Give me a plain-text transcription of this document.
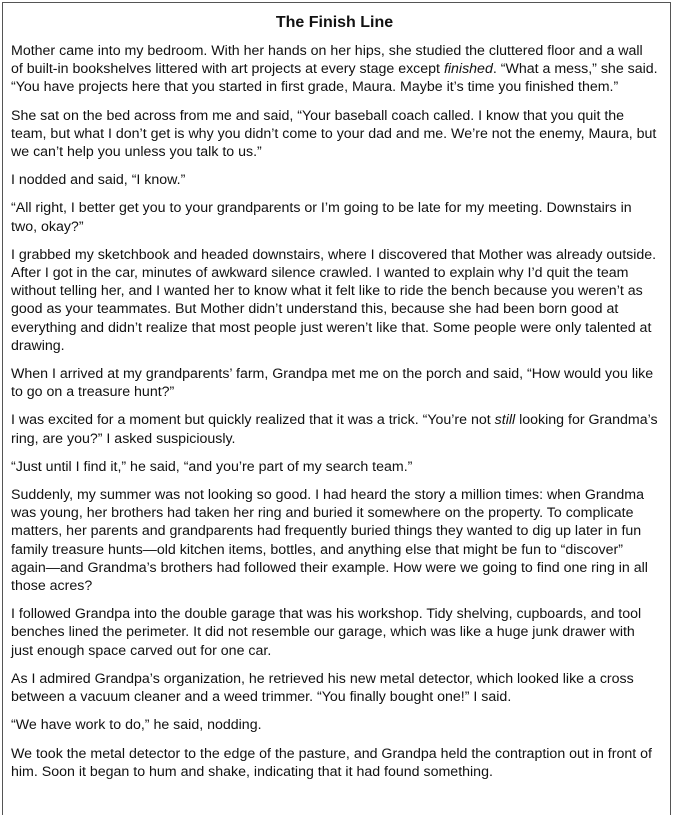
The Finish Line

Mother came into my bedroom. With her hands on her hips, she studied the cluttered floor and a wall of built-in bookshelves littered with art projects at every stage except finished. “What a mess,” she said. “You have projects here that you started in first grade, Maura. Maybe it’s time you finished them.”

She sat on the bed across from me and said, “Your baseball coach called. I know that you quit the team, but what I don’t get is why you didn’t come to your dad and me. We’re not the enemy, Maura, but we can’t help you unless you talk to us.”

I nodded and said, “I know.”

“All right, I better get you to your grandparents or I’m going to be late for my meeting. Downstairs in two, okay?”

I grabbed my sketchbook and headed downstairs, where I discovered that Mother was already outside. After I got in the car, minutes of awkward silence crawled. I wanted to explain why I’d quit the team without telling her, and I wanted her to know what it felt like to ride the bench because you weren’t as good as your teammates. But Mother didn’t understand this, because she had been born good at everything and didn’t realize that most people just weren’t like that. Some people were only talented at drawing.

When I arrived at my grandparents’ farm, Grandpa met me on the porch and said, “How would you like to go on a treasure hunt?”

I was excited for a moment but quickly realized that it was a trick. “You’re not still looking for Grandma’s ring, are you?” I asked suspiciously.

“Just until I find it,” he said, “and you’re part of my search team.”

Suddenly, my summer was not looking so good. I had heard the story a million times: when Grandma was young, her brothers had taken her ring and buried it somewhere on the property. To complicate matters, her parents and grandparents had frequently buried things they wanted to dig up later in fun family treasure hunts—old kitchen items, bottles, and anything else that might be fun to “discover” again—and Grandma’s brothers had followed their example. How were we going to find one ring in all those acres?

I followed Grandpa into the double garage that was his workshop. Tidy shelving, cupboards, and tool benches lined the perimeter. It did not resemble our garage, which was like a huge junk drawer with just enough space carved out for one car.

As I admired Grandpa’s organization, he retrieved his new metal detector, which looked like a cross between a vacuum cleaner and a weed trimmer. “You finally bought one!” I said.

“We have work to do,” he said, nodding.

We took the metal detector to the edge of the pasture, and Grandpa held the contraption out in front of him. Soon it began to hum and shake, indicating that it had found something.
